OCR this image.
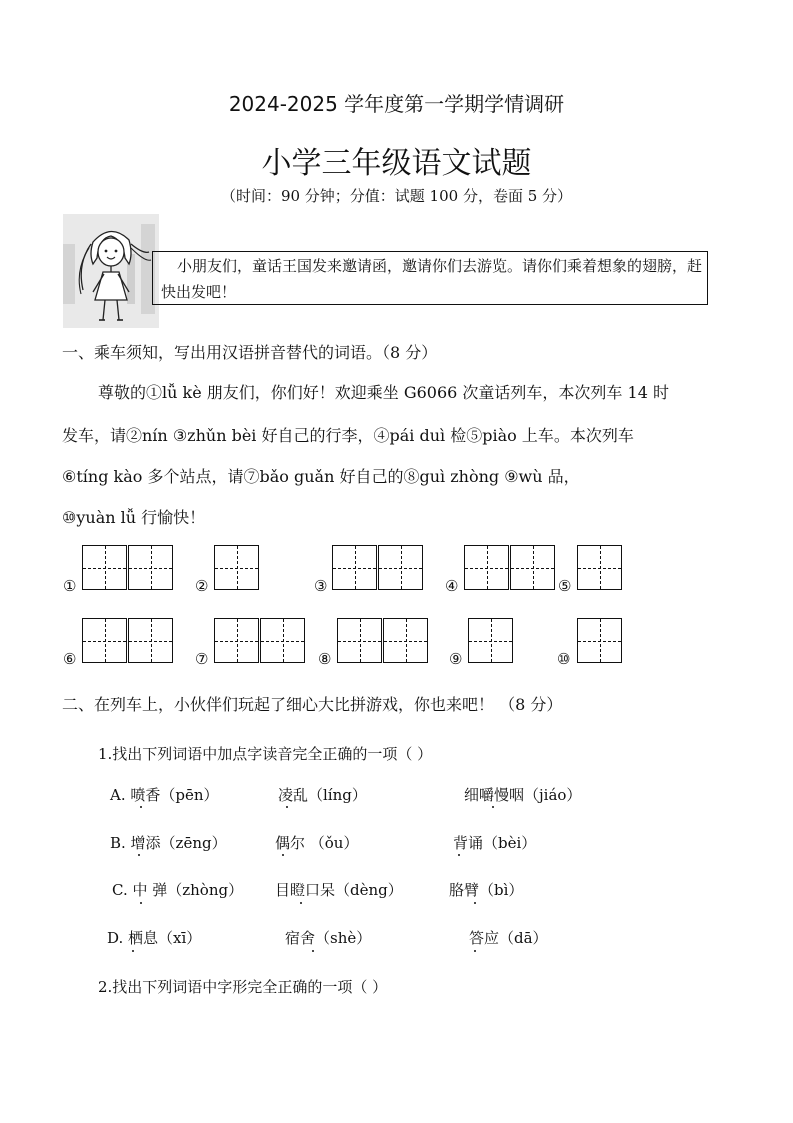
2024-2025 学年度第一学期学情调研
小学三年级语文试题
（时间：90 分钟；分值：试题 100 分，卷面 5 分）
小朋友们，童话王国发来邀请函，邀请你们去游览。请你们乘着想象的翅膀，赶快出发吧！
一、乘车须知，写出用汉语拼音替代的词语。（8 分）
尊敬的①lǚ kè 朋友们，你们好！欢迎乘坐 G6066 次童话列车，本次列车 14 时
发车，请②nín ③zhǔn bèi 好自己的行李，④pái duì 检⑤piào 上车。本次列车
⑥tíng kào 多个站点，请⑦bǎo guǎn 好自己的⑧guì zhòng ⑨wù 品，
⑩yuàn lǚ 行愉快！
①	②	③	④	⑤
⑥	⑦	⑧	⑨	⑩
二、在列车上，小伙伴们玩起了细心大比拼游戏，你也来吧！ （8 分）
1.找出下列词语中加点字读音完全正确的一项（ ）
A. 喷香（pēn）	凌乱（líng）	细嚼慢咽（jiáo）
B. 增添（zēng）	偶尔 （ǒu）	背诵（bèi）
C. 中 弹（zhòng） 目瞪口呆（dèng）	胳臂（bì）
D. 栖息（xī）	宿舍（shè）	答应（dā）
2.找出下列词语中字形完全正确的一项（ ）
